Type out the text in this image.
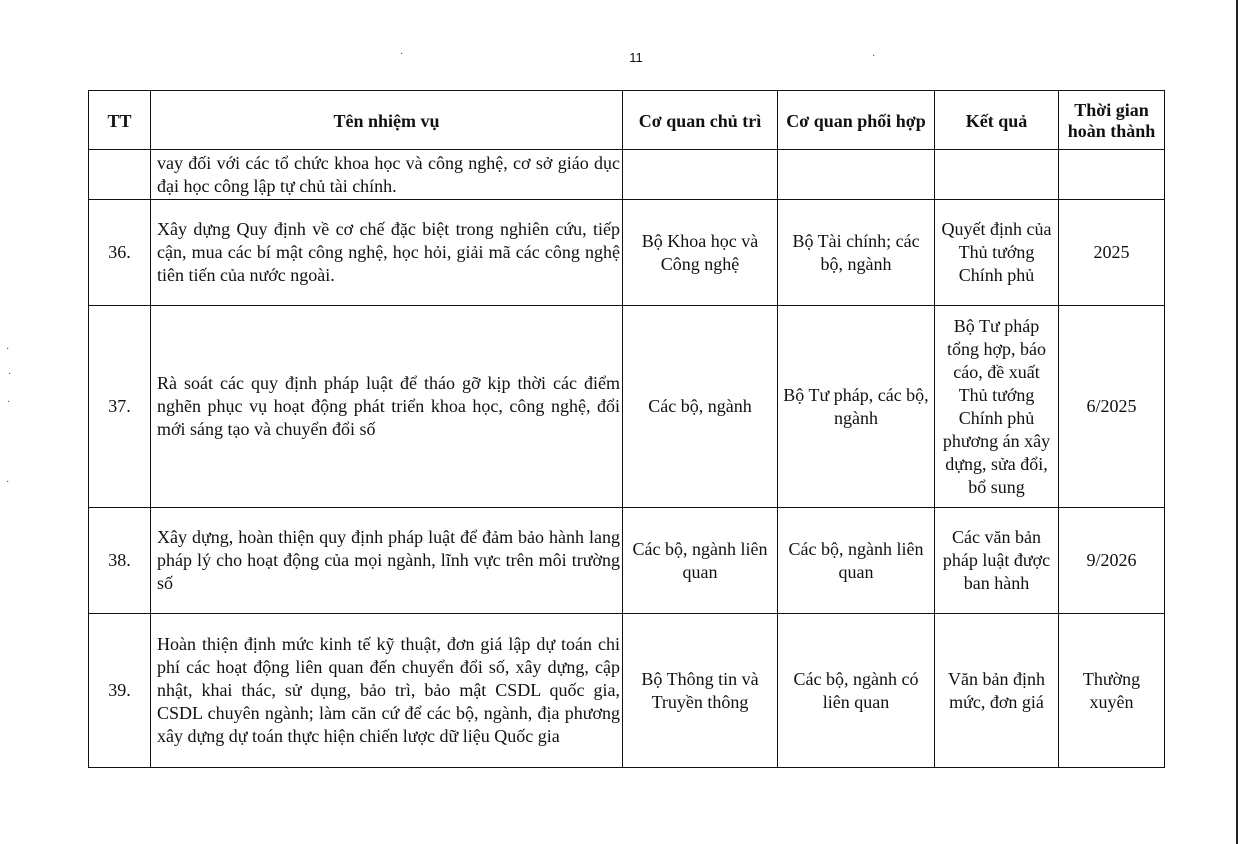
11
TT	Tên nhiệm vụ	Cơ quan chủ trì	Cơ quan phối hợp	Kết quả	Thời gian hoàn thành
	vay đối với các tổ chức khoa học và công nghệ, cơ sở giáo dục đại học công lập tự chủ tài chính.				
36.	Xây dựng Quy định về cơ chế đặc biệt trong nghiên cứu, tiếp cận, mua các bí mật công nghệ, học hỏi, giải mã các công nghệ tiên tiến của nước ngoài.	Bộ Khoa học và Công nghệ	Bộ Tài chính; các bộ, ngành	Quyết định của Thủ tướng Chính phủ	2025
37.	Rà soát các quy định pháp luật để tháo gỡ kịp thời các điểm nghẽn phục vụ hoạt động phát triển khoa học, công nghệ, đổi mới sáng tạo và chuyển đổi số	Các bộ, ngành	Bộ Tư pháp, các bộ, ngành	Bộ Tư pháp tổng hợp, báo cáo, đề xuất Thủ tướng Chính phủ phương án xây dựng, sửa đổi, bổ sung	6/2025
38.	Xây dựng, hoàn thiện quy định pháp luật để đảm bảo hành lang pháp lý cho hoạt động của mọi ngành, lĩnh vực trên môi trường số	Các bộ, ngành liên quan	Các bộ, ngành liên quan	Các văn bản pháp luật được ban hành	9/2026
39.	Hoàn thiện định mức kinh tế kỹ thuật, đơn giá lập dự toán chi phí các hoạt động liên quan đến chuyển đổi số, xây dựng, cập nhật, khai thác, sử dụng, bảo trì, bảo mật CSDL quốc gia, CSDL chuyên ngành; làm căn cứ để các bộ, ngành, địa phương xây dựng dự toán thực hiện chiến lược dữ liệu Quốc gia	Bộ Thông tin và Truyền thông	Các bộ, ngành có liên quan	Văn bản định mức, đơn giá	Thường xuyên
·
·
·
·
·	·
